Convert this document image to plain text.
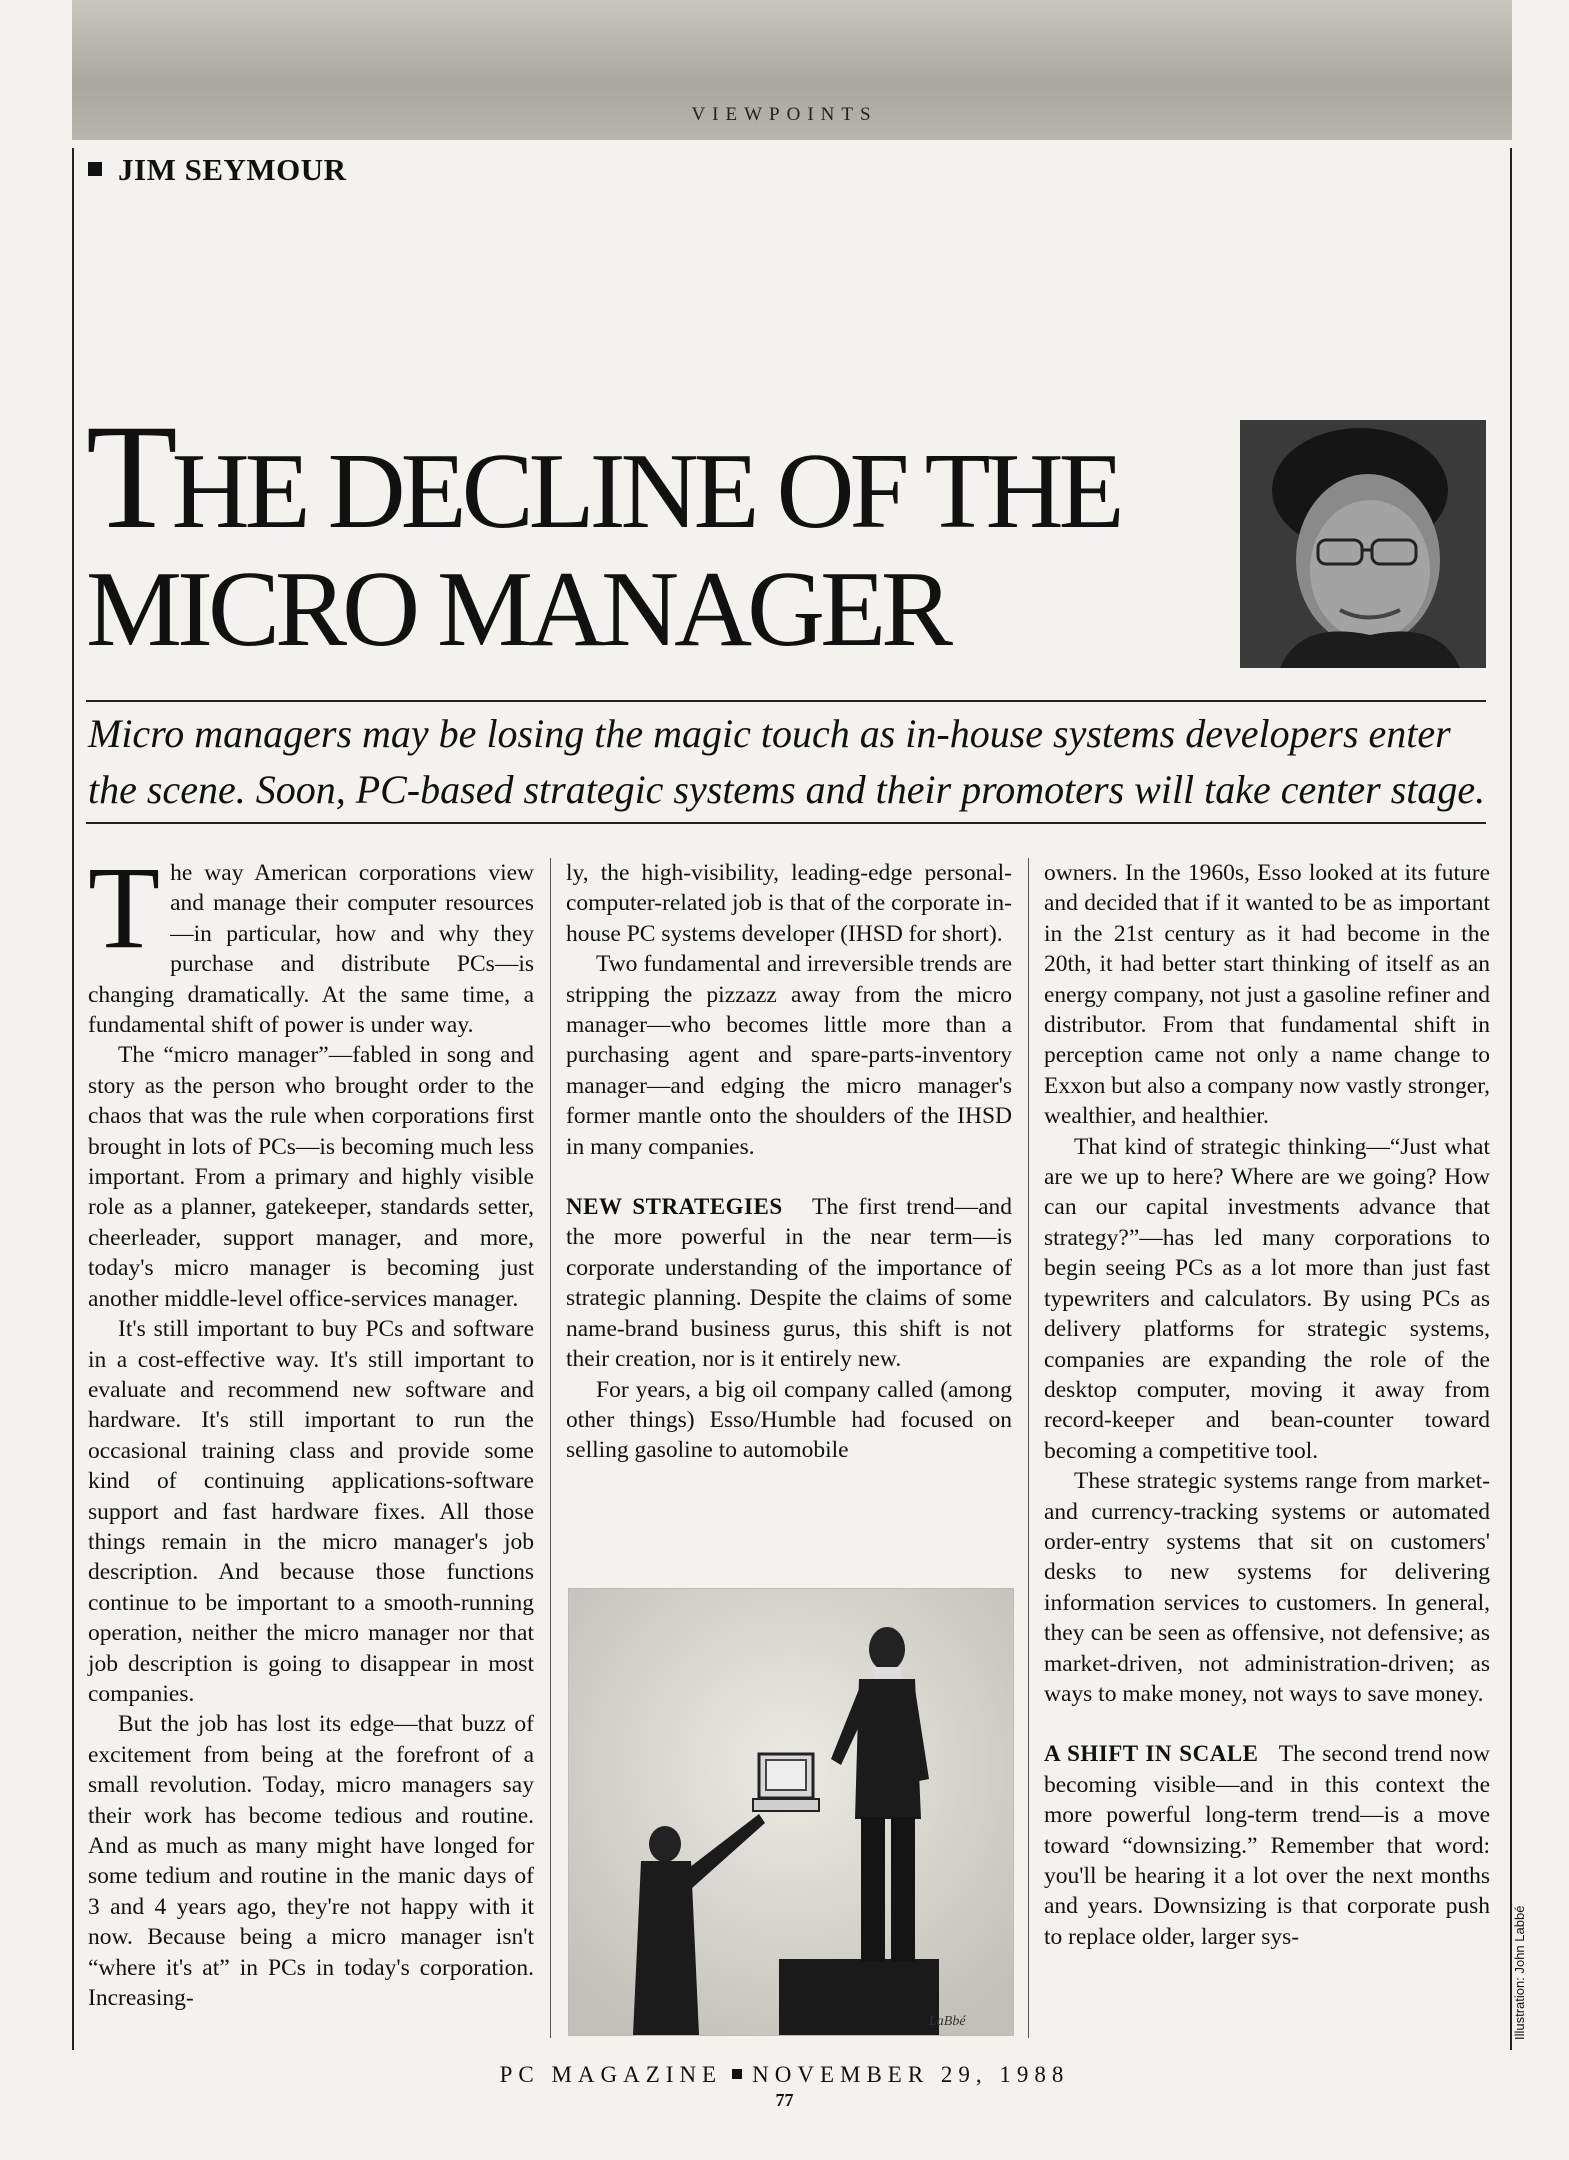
VIEWPOINTS
JIM SEYMOUR
THE DECLINE OF THE
MICRO MANAGER

Micro managers may be losing the magic touch as in-house systems developers enter the scene. Soon, PC-based strategic systems and their promoters will take center stage.

The way American corporations view and manage their computer resources—in particular, how and why they purchase and distribute PCs—is changing dramatically. At the same time, a fundamental shift of power is under way.

The “micro manager”—fabled in song and story as the person who brought order to the chaos that was the rule when corporations first brought in lots of PCs—is becoming much less important. From a primary and highly visible role as a planner, gatekeeper, standards setter, cheerleader, support manager, and more, today's micro manager is becoming just another middle-level office-services manager.

It's still important to buy PCs and software in a cost-effective way. It's still important to evaluate and recommend new software and hardware. It's still important to run the occasional training class and provide some kind of continuing applications-software support and fast hardware fixes. All those things remain in the micro manager's job description. And because those functions continue to be important to a smooth-running operation, neither the micro manager nor that job description is going to disappear in most companies.

But the job has lost its edge—that buzz of excitement from being at the forefront of a small revolution. Today, micro managers say their work has become tedious and routine. And as much as many might have longed for some tedium and routine in the manic days of 3 and 4 years ago, they're not happy with it now. Because being a micro manager isn't “where it's at” in PCs in today's corporation. Increasing-

ly, the high-visibility, leading-edge personal-computer-related job is that of the corporate in-house PC systems developer (IHSD for short).

Two fundamental and irreversible trends are stripping the pizzazz away from the micro manager—who becomes little more than a purchasing agent and spare-parts-inventory manager—and edging the micro manager's former mantle onto the shoulders of the IHSD in many companies.

NEW STRATEGIES The first trend—and the more powerful in the near term—is corporate understanding of the importance of strategic planning. Despite the claims of some name-brand business gurus, this shift is not their creation, nor is it entirely new.

For years, a big oil company called (among other things) Esso/Humble had focused on selling gasoline to automobile

LaBbé

owners. In the 1960s, Esso looked at its future and decided that if it wanted to be as important in the 21st century as it had become in the 20th, it had better start thinking of itself as an energy company, not just a gasoline refiner and distributor. From that fundamental shift in perception came not only a name change to Exxon but also a company now vastly stronger, wealthier, and healthier.

That kind of strategic thinking—“Just what are we up to here? Where are we going? How can our capital investments advance that strategy?”—has led many corporations to begin seeing PCs as a lot more than just fast typewriters and calculators. By using PCs as delivery platforms for strategic systems, companies are expanding the role of the desktop computer, moving it away from record-keeper and bean-counter toward becoming a competitive tool.

These strategic systems range from market- and currency-tracking systems or automated order-entry systems that sit on customers' desks to new systems for delivering information services to customers. In general, they can be seen as offensive, not defensive; as market-driven, not administration-driven; as ways to make money, not ways to save money.

A SHIFT IN SCALE The second trend now becoming visible—and in this context the more powerful long-term trend—is a move toward “downsizing.” Remember that word: you'll be hearing it a lot over the next months and years. Downsizing is that corporate push to replace older, larger sys-	Illustration: John Labbé
PC MAGAZINE NOVEMBER 29, 1988
77
